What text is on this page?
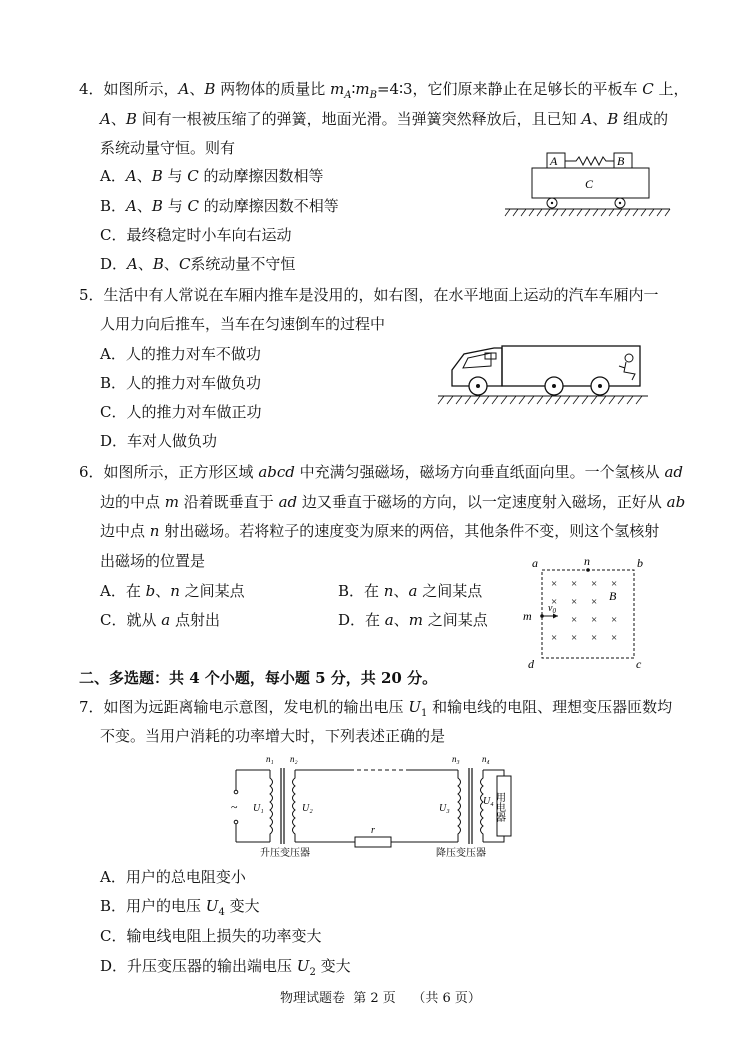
4．如图所示，A、B 两物体的质量比 $m_A∶m_B=4∶3$，它们原来静止在足够长的平板车 C 上，
A、B 间有一根被压缩了的弹簧，地面光滑。当弹簧突然释放后，且已知 A、B 组成的
系统动量守恒。则有
A．A、B 与 C 的动摩擦因数相等
B．A、B 与 C 的动摩擦因数不相等
C．最终稳定时小车向右运动
D．A、B、C系统动量不守恒
A	B
C
5．生活中有人常说在车厢内推车是没用的，如右图，在水平地面上运动的汽车车厢内一
人用力向后推车，当车在匀速倒车的过程中
A．人的推力对车不做功
B．人的推力对车做负功
C．人的推力对车做正功
D．车对人做负功
6．如图所示，正方形区域 abcd 中充满匀强磁场，磁场方向垂直纸面向里。一个氢核从 ad
边的中点 m 沿着既垂直于 ad 边又垂直于磁场的方向，以一定速度射入磁场，正好从 ab
边中点 n 射出磁场。若将粒子的速度变为原来的两倍，其他条件不变，则这个氢核射
出磁场的位置是
A．在 b、n 之间某点	B．在 n、a 之间某点
C．就从 a 点射出	D．在 a、m 之间某点
a	n	b
d	c
m
$v_0$
B
× × × ×
× × ×
× × ×
× × × ×
二、多选题：共 4 个小题，每小题 5 分，共 20 分。
7．如图为远距离输电示意图，发电机的输出电压 $U_1$ 和输电线的电阻、理想变压器匝数均
不变。当用户消耗的功率增大时，下列表述正确的是
n₁ n₂	n₃ n₄
~ U₁	U₂
r
U₃
U₄ 用电器
升压变压器	降压变压器
A．用户的总电阻变小
B．用户的电压 $U_4$ 变大
C．输电线电阻上损失的功率变大
D．升压变压器的输出端电压 $U_2$ 变大
物理试题卷  第 2 页    （共 6 页）
